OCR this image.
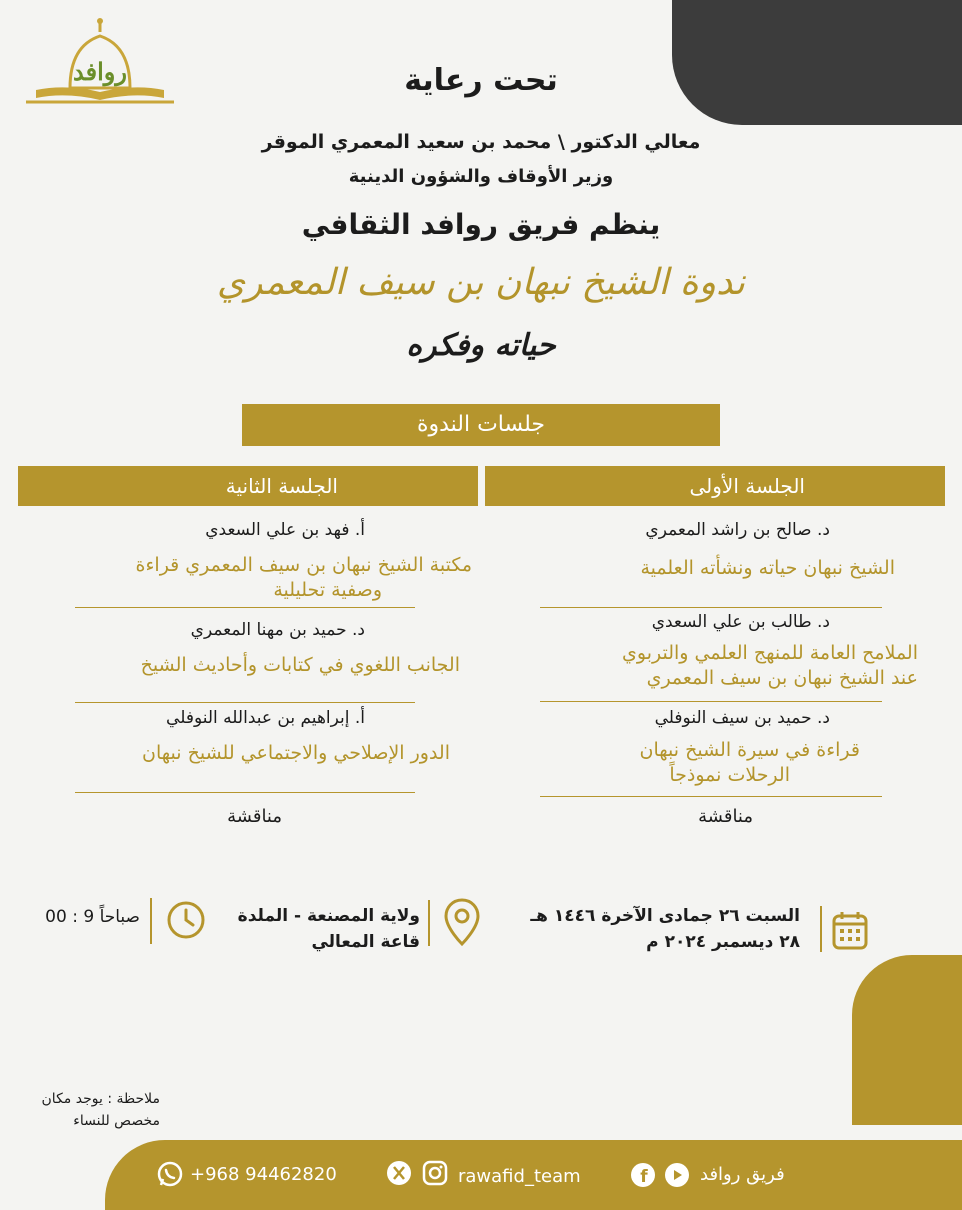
روافد	تحت رعاية
معالي الدكتور \ محمد بن سعيد المعمري الموقر
وزير الأوقاف والشؤون الدينية
ينظم فريق روافد الثقافي
ندوة الشيخ نبهان بن سيف المعمري
حياته وفكره
جلسات الندوة
الجلسة الأولى
د. صالح بن راشد المعمري
الشيخ نبهان حياته ونشأته العلمية
د. طالب بن علي السعدي
الملامح العامة للمنهج العلمي والتربوي
عند الشيخ نبهان بن سيف المعمري
د. حميد بن سيف النوفلي
قراءة في سيرة الشيخ نبهان
الرحلات نموذجاً
مناقشة
الجلسة الثانية
أ. فهد بن علي السعدي
مكتبة الشيخ نبهان بن سيف المعمري قراءة
وصفية تحليلية
د. حميد بن مهنا المعمري
الجانب اللغوي في كتابات وأحاديث الشيخ
أ. إبراهيم بن عبدالله النوفلي
الدور الإصلاحي والاجتماعي للشيخ نبهان
مناقشة
السبت ٢٦ جمادى الآخرة ١٤٤٦ هـ
٢٨ ديسمبر ٢٠٢٤ م
ولاية المصنعة - الملدة
قاعة المعالي
00 : 9 صباحاً
ملاحظة : يوجد مكان
مخصص للنساء
فريق روافد
f
rawafid_team
+968 94462820
